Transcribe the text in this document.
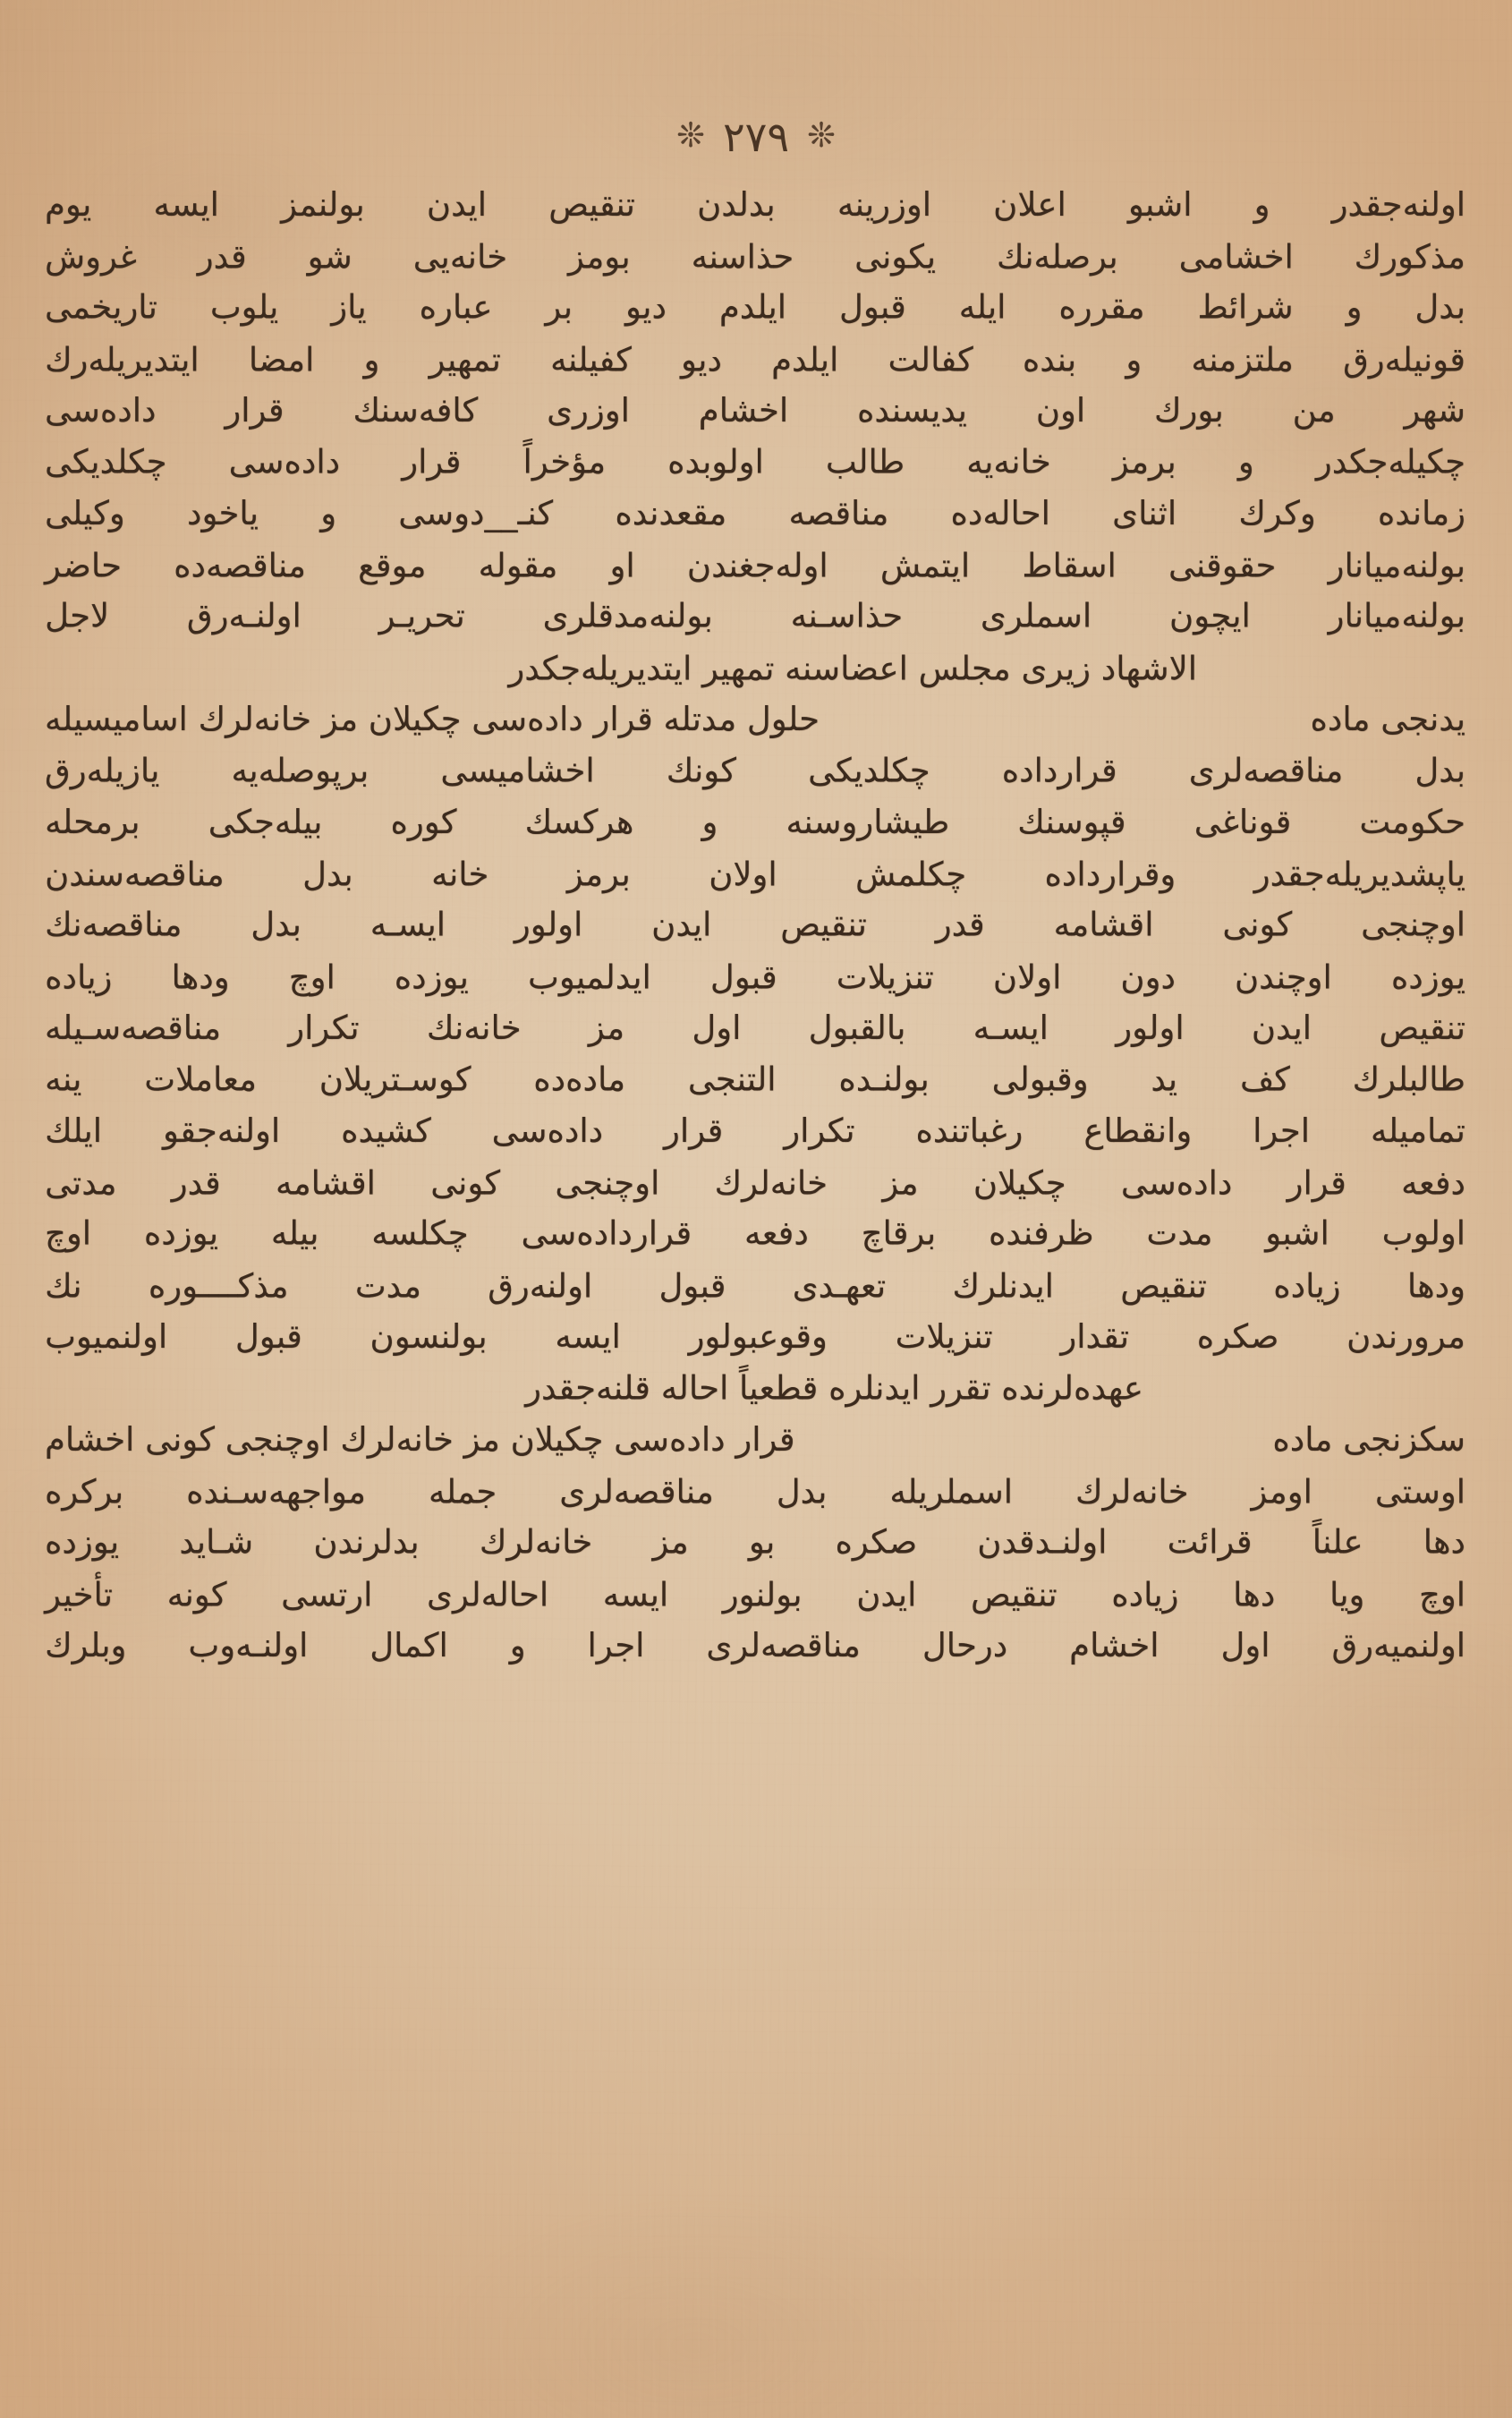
❊
٢٧٩
❊
اولنه‌جقدر
و
اشبو
اعلان
اوزرينه
بدلدن
تنقيص
ايدن
بولنمز
ايسه
يوم
مذكورك
اخشامى
برصلەنك
يكونى
حذاسنه
بومز
خانەيى
شو
قدر
غروش
بدل
و
شرائط
مقرره
ايله
قبول
ايلدم
ديو
بر
عباره
ياز
يلوب
تاريخمى
قونيلەرق
ملتزمنه
و
بنده
كفالت
ايلدم
ديو
كفيلنه
تمهير
و
امضا
ايتديريلەرك
شهر
من
بورك
اون
يديسنده
اخشام
اوزرى
كافەسنك
قرار
داده‌سى
چكيله‌جكدر
و
برمز
خانەيه
طالب
اولوبده
مؤخراً
قرار
داده‌سى
چكلديكى
زمانده
وكرك
اثناى
احالەده
مناقصە
مقعدنده
كنـ__دوسى
و
ياخود
وكيلى
بولنه‌ميانار
حقوقنى
اسقاط
ايتمش
اولەجغندن
او
مقوله
موقع
مناقصەده
حاضر
بولنه‌ميانار
ايچون
اسملرى
حذاسـنه
بولنه‌مدقلرى
تحريـر
اولنـەرق
لاجل
الاشهاد زيرى مجلس اعضاسنه تمهير ايتديريله‌جكدر
يدنجى ماده
حلول مدتله قرار داده‌سى چكيلان مز خانه‌لرك اساميسيله
بدل
مناقصەلرى
قرارداده
چكلديكى
كونك
اخشاميسى
برپوصلەيه
يازيلەرق
حكومت
قوناغى
قپوسنك
طيشاروسنه
و
هركسك
كوره
بيلەجكى
برمحله
ياپشديريله‌جقدر
وقرارداده
چكلمش
اولان
برمز
خانه
بدل
مناقصەسندن
اوچنجى
كونى
اقشامه
قدر
تنقيص
ايدن
اولور
ايسـه
بدل
مناقصەنك
يوزده
اوچندن
دون
اولان
تنزيلات
قبول
ايدلميوب
يوزده
اوچ
ودها
زياده
تنقيص
ايدن
اولور
ايسـه
بالقبول
اول
مز
خانەنك
تكرار
مناقصەسـيله
طالبلرك
كف
يد
وقبولى
بولنـده
التنجى
مادەده
كوسـتريلان
معاملات
ينه
تماميله
اجرا
وانقطاع
رغباتنده
تكرار
قرار
داده‌سى
كشيده
اولنه‌جقو
ايلك
دفعه
قرار
داده‌سى
چكيلان
مز
خانه‌لرك
اوچنجى
كونى
اقشامه
قدر
مدتى
اولوب
اشبو
مدت
ظرفنده
برقاچ
دفعه
قرارداده‌سى
چكلسه
بيله
يوزده
اوچ
ودها
زياده
تنقيص
ايدنلرك
تعهـدى
قبول
اولنەرق
مدت
مذكــــوره
نك
مرورندن
صكره
تقدار
تنزيلات
وقوعبولور
ايسه
بولنسون
قبول
اولنميوب
عهدەلرنده تقرر ايدنلره قطعياً احاله قلنه‌جقدر
سكزنجى ماده
قرار داده‌سى چكيلان مز خانه‌لرك اوچنجى كونى اخشام
اوستى
اومز
خانه‌لرك
اسملريله
بدل
مناقصەلرى
جمله
مواجهه‌سـنده
بركره
دها
علناً
قرائت
اولنـدقدن
صكره
بو
مز
خانه‌لرك
بدلرندن
شـايد
يوزده
اوچ
ويا
دها
زياده
تنقيص
ايدن
بولنور
ايسه
احالەلرى
ارتسى
كونه
تأخير
اولنميەرق
اول
اخشام
درحال
مناقصەلرى
اجرا
و
اكمال
اولنـەوب
وبلرك
